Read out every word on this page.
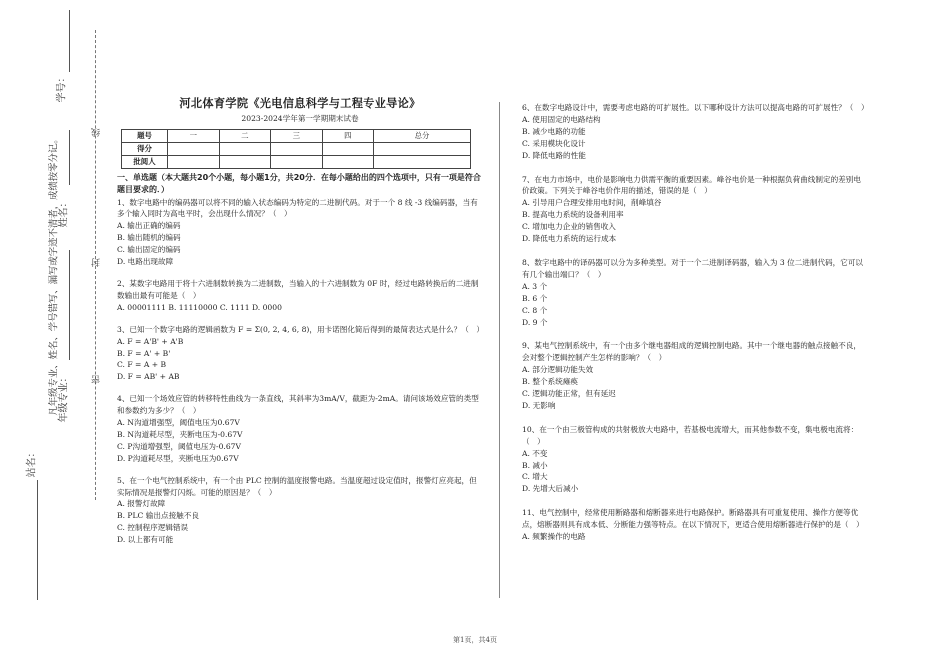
学号：
姓名：
年级专业：
凡年级专业、姓名、学号错写、漏写或字迹不清者，成绩按零分记。
站名：
密
封
线
河北体育学院《光电信息科学与工程专业导论》
2023-2024学年第一学期期末试卷
题号	一	二	三	四	总分
得分					
批阅人					
一、单选题（本大题共20个小题，每小题1分，共20分．在每小题给出的四个选项中，只有一项是符合题目要求的．）

1、数字电路中的编码器可以将不同的输入状态编码为特定的二进制代码。对于一个 8 线 -3 线编码器，当有多个输入同时为高电平时，会出现什么情况？（　）

A. 输出正确的编码

B. 输出随机的编码

C. 输出固定的编码

D. 电路出现故障

2、某数字电路用于将十六进制数转换为二进制数，当输入的十六进制数为 0F 时，经过电路转换后的二进制数输出最有可能是（　）

A. 00001111 B. 11110000 C. 1111 D. 0000

3、已知一个数字电路的逻辑函数为 F = Σ(0, 2, 4, 6, 8)，用卡诺图化简后得到的最简表达式是什么？（　）

A. F = A'B' + A'B

B. F = A' + B'

C. F = A + B

D. F = AB' + AB

4、已知一个场效应管的转移特性曲线为一条直线，其斜率为3mA/V，截距为-2mA。请问该场效应管的类型和参数约为多少？（　）

A. N沟道增强型，阈值电压为0.67V

B. N沟道耗尽型，夹断电压为-0.67V

C. P沟道增强型，阈值电压为-0.67V

D. P沟道耗尽型，夹断电压为0.67V

5、在一个电气控制系统中，有一个由 PLC 控制的温度报警电路。当温度超过设定值时，报警灯应亮起，但实际情况是报警灯闪烁。可能的原因是？（　）

A. 报警灯故障

B. PLC 输出点接触不良

C. 控制程序逻辑错误

D. 以上都有可能

6、在数字电路设计中，需要考虑电路的可扩展性。以下哪种设计方法可以提高电路的可扩展性？（　）

A. 使用固定的电路结构

B. 减少电路的功能

C. 采用模块化设计

D. 降低电路的性能

7、在电力市场中，电价是影响电力供需平衡的重要因素。峰谷电价是一种根据负荷曲线制定的差别电价政策。下列关于峰谷电价作用的描述，错误的是（　）

A. 引导用户合理安排用电时间，削峰填谷

B. 提高电力系统的设备利用率

C. 增加电力企业的销售收入

D. 降低电力系统的运行成本

8、数字电路中的译码器可以分为多种类型。对于一个二进制译码器，输入为 3 位二进制代码，它可以有几个输出端口？（　）

A. 3 个

B. 6 个

C. 8 个

D. 9 个

9、某电气控制系统中，有一个由多个继电器组成的逻辑控制电路。其中一个继电器的触点接触不良，会对整个逻辑控制产生怎样的影响？（　）

A. 部分逻辑功能失效

B. 整个系统瘫痪

C. 逻辑功能正常，但有延迟

D. 无影响

10、在一个由三极管构成的共射极放大电路中，若基极电流增大，而其他参数不变，集电极电流将：（　）

A. 不变

B. 减小

C. 增大

D. 先增大后减小

11、电气控制中，经常使用断路器和熔断器来进行电路保护。断路器具有可重复使用、操作方便等优点，熔断器则具有成本低、分断能力强等特点。在以下情况下，更适合使用熔断器进行保护的是（　）

A. 频繁操作的电路

第1页，共4页
